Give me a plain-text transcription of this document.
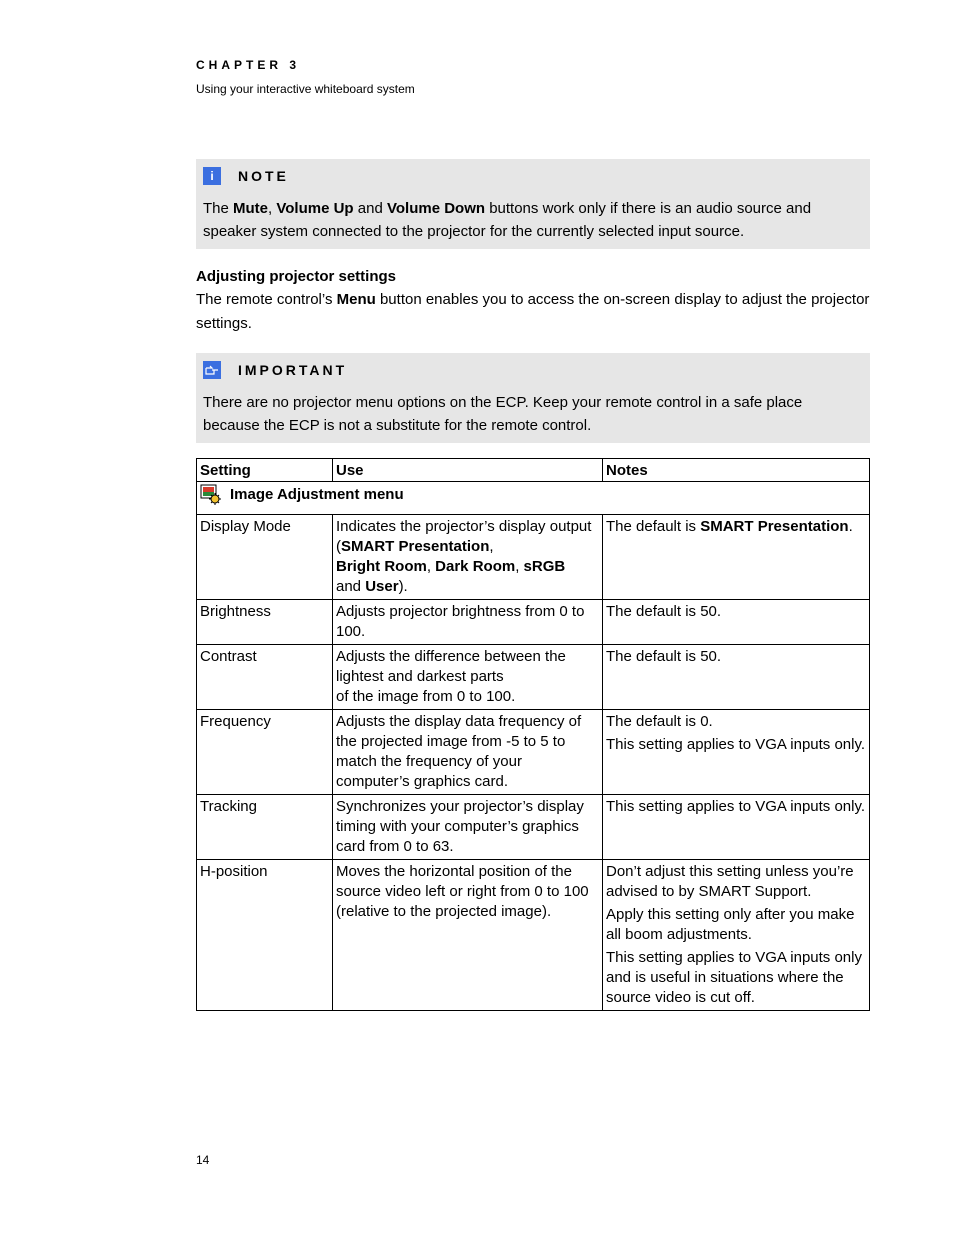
CHAPTER 3
Using your interactive whiteboard system
i	NOTE
The Mute, Volume Up and Volume Down buttons work only if there is an audio source and speaker system connected to the projector for the currently selected input source.
Adjusting projector settings
The remote control’s Menu button enables you to access the on-screen display to adjust the projector settings.
IMPORTANT
There are no projector menu options on the ECP. Keep your remote control in a safe place because the ECP is not a substitute for the remote control.
Setting	Use	Notes

Image Adjustment menu		

Display Mode	Indicates the projector’s display output (SMART Presentation,
Bright Room, Dark Room, sRGB
and User).	The default is SMART Presentation.

Brightness	Adjusts projector brightness from 0 to 100.	The default is 50.

Contrast	Adjusts the difference between the lightest and darkest parts
of the image from 0 to 100.	The default is 50.

Frequency	Adjusts the display data frequency of the projected image from -5 to 5 to match the frequency of your computer’s graphics card.	The default is 0.
This setting applies to VGA inputs only.

Tracking	Synchronizes your projector’s display timing with your computer’s graphics card from 0 to 63.	This setting applies to VGA inputs only.

H-position	Moves the horizontal position of the source video left or right from 0 to 100 (relative to the projected image).	Don’t adjust this setting unless you’re advised to by SMART Support.
Apply this setting only after you make all boom adjustments.
This setting applies to VGA inputs only and is useful in situations where the source video is cut off.
14
